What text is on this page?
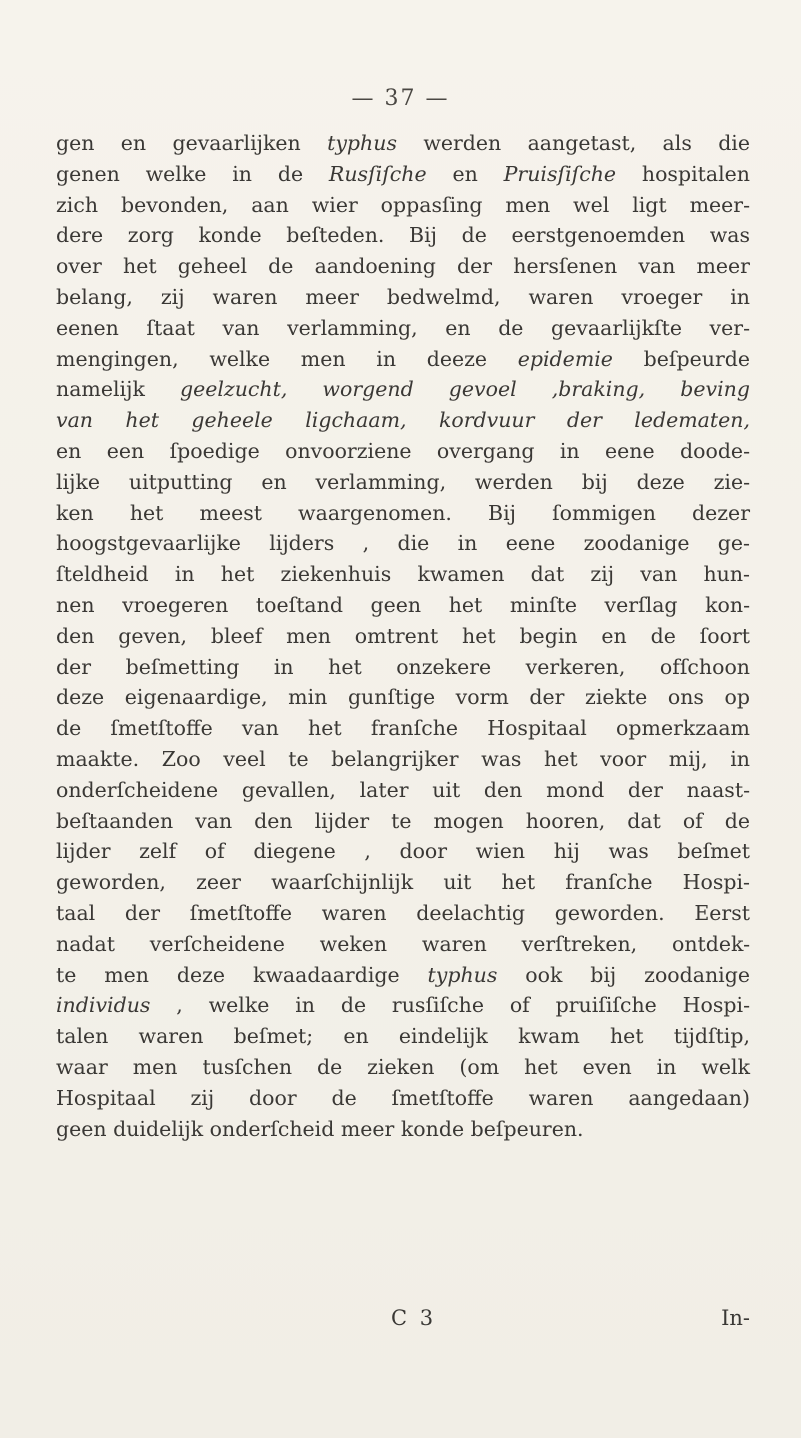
— 37 —
gen en gevaarlijken typhus werden aangetast, als die
genen welke in de Rusſiſche en Pruisſiſche hospitalen
zich bevonden, aan wier oppasſing men wel ligt meer-
dere zorg konde beſteden. Bij de eerstgenoemden was
over het geheel de aandoening der hersſenen van meer
belang, zij waren meer bedwelmd, waren vroeger in
eenen ſtaat van verlamming, en de gevaarlijkſte ver-
mengingen, welke men in deeze epidemie beſpeurde
namelijk geelzucht, worgend gevoel ,braking, beving
van het geheele ligchaam, kordvuur der ledematen,
en een ſpoedige onvoorziene overgang in eene doode-
lijke uitputting en verlamming, werden bij deze zie-
ken het meest waargenomen. Bij ſommigen dezer
hoogstgevaarlijke lijders , die in eene zoodanige ge-
ſteldheid in het ziekenhuis kwamen dat zij van hun-
nen vroegeren toeſtand geen het minſte verſlag kon-
den geven, bleef men omtrent het begin en de ſoort
der beſmetting in het onzekere verkeren, ofſchoon
deze eigenaardige, min gunſtige vorm der ziekte ons op
de ſmetſtoffe van het franſche Hospitaal opmerkzaam
maakte. Zoo veel te belangrijker was het voor mij, in
onderſcheidene gevallen, later uit den mond der naast-
beſtaanden van den lijder te mogen hooren, dat of de
lijder zelf of diegene , door wien hij was beſmet
geworden, zeer waarſchijnlijk uit het franſche Hospi-
taal der ſmetſtoffe waren deelachtig geworden. Eerst
nadat verſcheidene weken waren verſtreken, ontdek-
te men deze kwaadaardige typhus ook bij zoodanige
individus , welke in de rusſiſche of pruiſiſche Hospi-
talen waren beſmet; en eindelijk kwam het tijdſtip,
waar men tusſchen de zieken (om het even in welk
Hospitaal zij door de ſmetſtoffe waren aangedaan)
geen duidelijk onderſcheid meer konde beſpeuren.
C 3	In-
